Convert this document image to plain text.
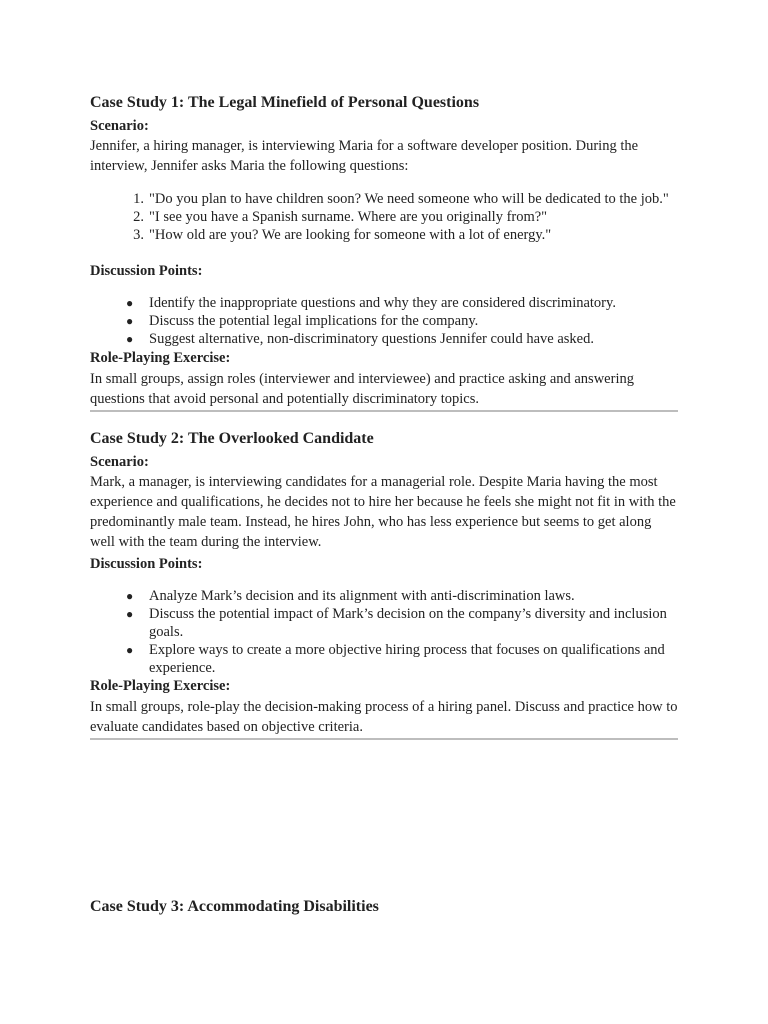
Case Study 1: The Legal Minefield of Personal Questions
Scenario:
Jennifer, a hiring manager, is interviewing Maria for a software developer position. During the interview, Jennifer asks Maria the following questions:
1. "Do you plan to have children soon? We need someone who will be dedicated to the job."
2. "I see you have a Spanish surname. Where are you originally from?"
3. "How old are you? We are looking for someone with a lot of energy."
Discussion Points:
●	Identify the inappropriate questions and why they are considered discriminatory.
●	Discuss the potential legal implications for the company.
●	Suggest alternative, non-discriminatory questions Jennifer could have asked.
Role-Playing Exercise:
In small groups, assign roles (interviewer and interviewee) and practice asking and answering questions that avoid personal and potentially discriminatory topics.
Case Study 2: The Overlooked Candidate
Scenario:
Mark, a manager, is interviewing candidates for a managerial role. Despite Maria having the most experience and qualifications, he decides not to hire her because he feels she might not fit in with the predominantly male team. Instead, he hires John, who has less experience but seems to get along well with the team during the interview.
Discussion Points:
●	Analyze Mark’s decision and its alignment with anti-discrimination laws.
●	Discuss the potential impact of Mark’s decision on the company’s diversity and inclusion goals.
●	Explore ways to create a more objective hiring process that focuses on qualifications and experience.
Role-Playing Exercise:
In small groups, role-play the decision-making process of a hiring panel. Discuss and practice how to evaluate candidates based on objective criteria.
Case Study 3: Accommodating Disabilities
